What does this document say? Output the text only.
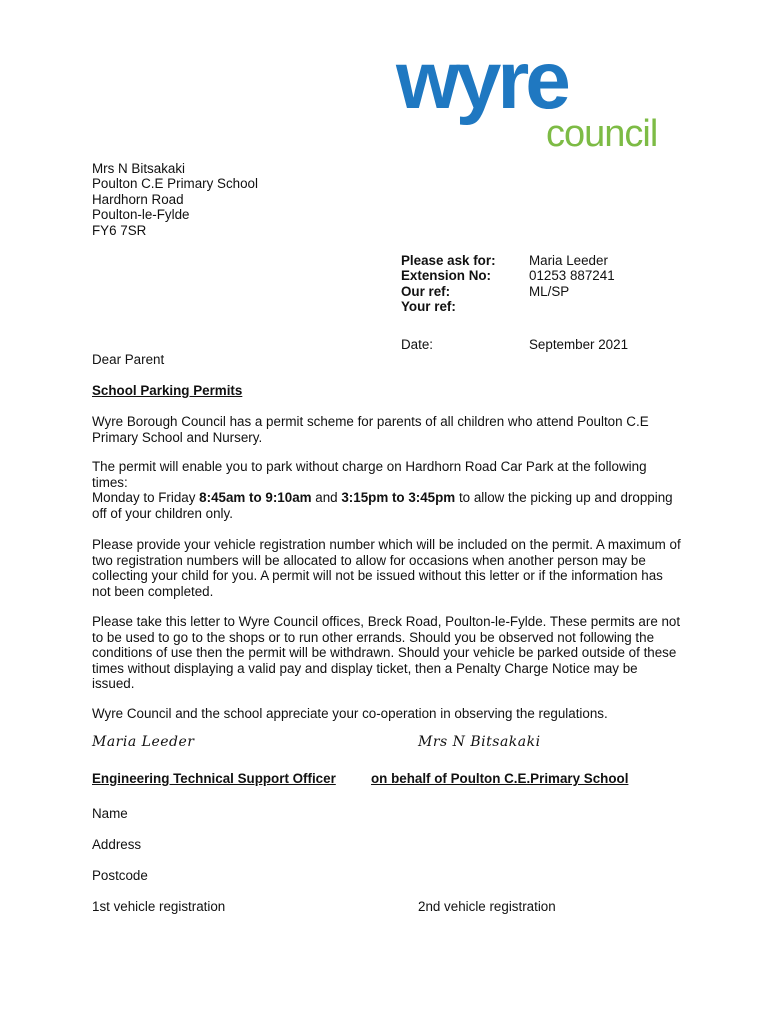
wyre
council
Mrs N Bitsakaki
Poulton C.E Primary School
Hardhorn Road
Poulton-le-Fylde
FY6 7SR
Please ask for: Maria Leeder
Extension No:	01253 887241
Our ref:	ML/SP
Your ref:
Date:	September 2021
Dear Parent
School Parking Permits

Wyre Borough Council has a permit scheme for parents of all children who attend Poulton C.E Primary School and Nursery.

The permit will enable you to park without charge on Hardhorn Road Car Park at the following times:

Monday to Friday 8:45am to 9:10am and 3:15pm to 3:45pm to allow the picking up and dropping off of your children only.

Please provide your vehicle registration number which will be included on the permit. A maximum of two registration numbers will be allocated to allow for occasions when another person may be collecting your child for you. A permit will not be issued without this letter or if the information has not been completed.

Please take this letter to Wyre Council offices, Breck Road, Poulton-le-Fylde. These permits are not to be used to go to the shops or to run other errands. Should you be observed not following the conditions of use then the permit will be withdrawn. Should your vehicle be parked outside of these times without displaying a valid pay and display ticket, then a Penalty Charge Notice may be issued.

Wyre Council and the school appreciate your co-operation in observing the regulations.

Maria Leeder	Mrs N Bitsakaki
Engineering Technical Support Officer	on behalf of Poulton C.E.Primary School
Name
Address
Postcode
1st vehicle registration	2nd vehicle registration
